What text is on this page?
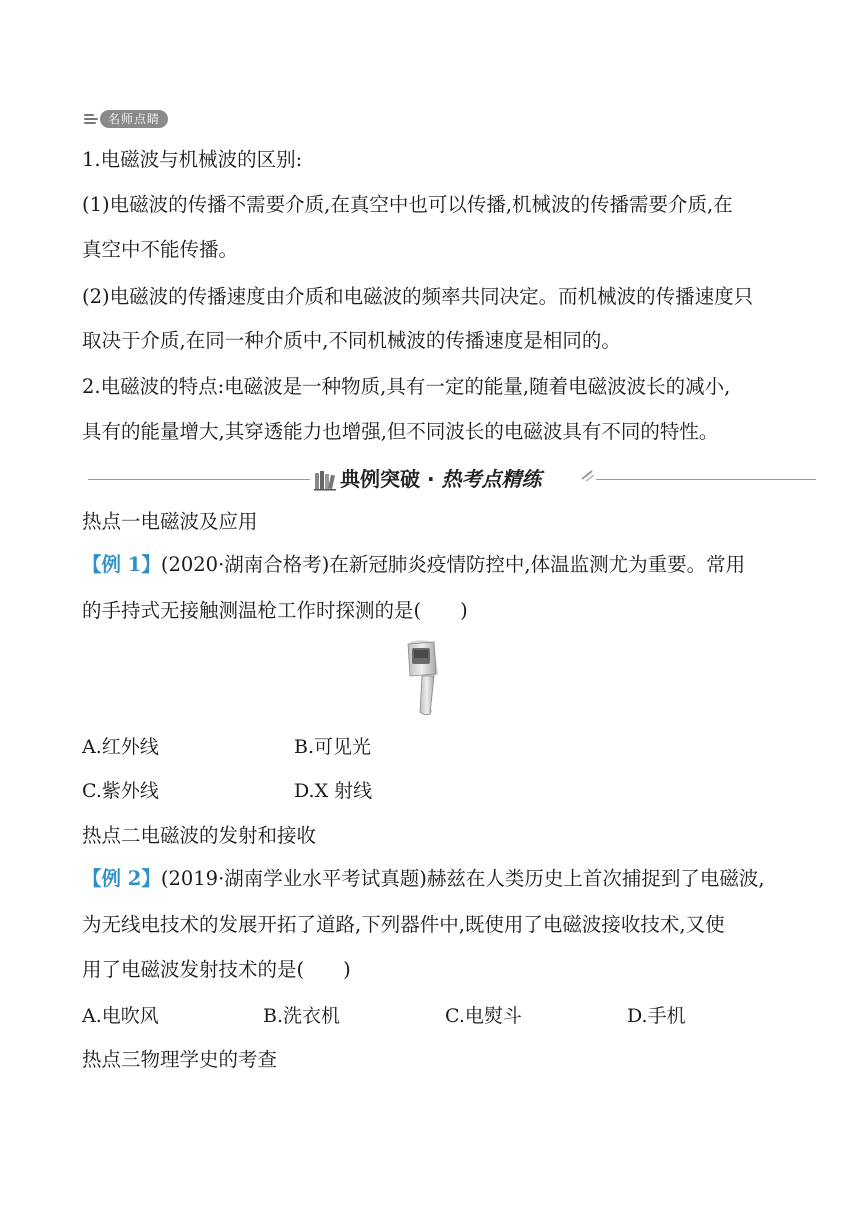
名师点睛
1.电磁波与机械波的区别:
(1)电磁波的传播不需要介质,在真空中也可以传播,机械波的传播需要介质,在
真空中不能传播。
(2)电磁波的传播速度由介质和电磁波的频率共同决定。而机械波的传播速度只
取决于介质,在同一种介质中,不同机械波的传播速度是相同的。
2.电磁波的特点:电磁波是一种物质,具有一定的能量,随着电磁波波长的减小,
具有的能量增大,其穿透能力也增强,但不同波长的电磁波具有不同的特性。
典例突破 · 热考点精练
热点一电磁波及应用
【例 1】(2020·湖南合格考)在新冠肺炎疫情防控中,体温监测尤为重要。常用
的手持式无接触测温枪工作时探测的是(　　)
A.红外线	B.可见光
C.紫外线	D.X 射线
热点二电磁波的发射和接收
【例 2】(2019·湖南学业水平考试真题)赫兹在人类历史上首次捕捉到了电磁波,
为无线电技术的发展开拓了道路,下列器件中,既使用了电磁波接收技术,又使
用了电磁波发射技术的是(　　)
A.电吹风	B.洗衣机	C.电熨斗	D.手机
热点三物理学史的考查
